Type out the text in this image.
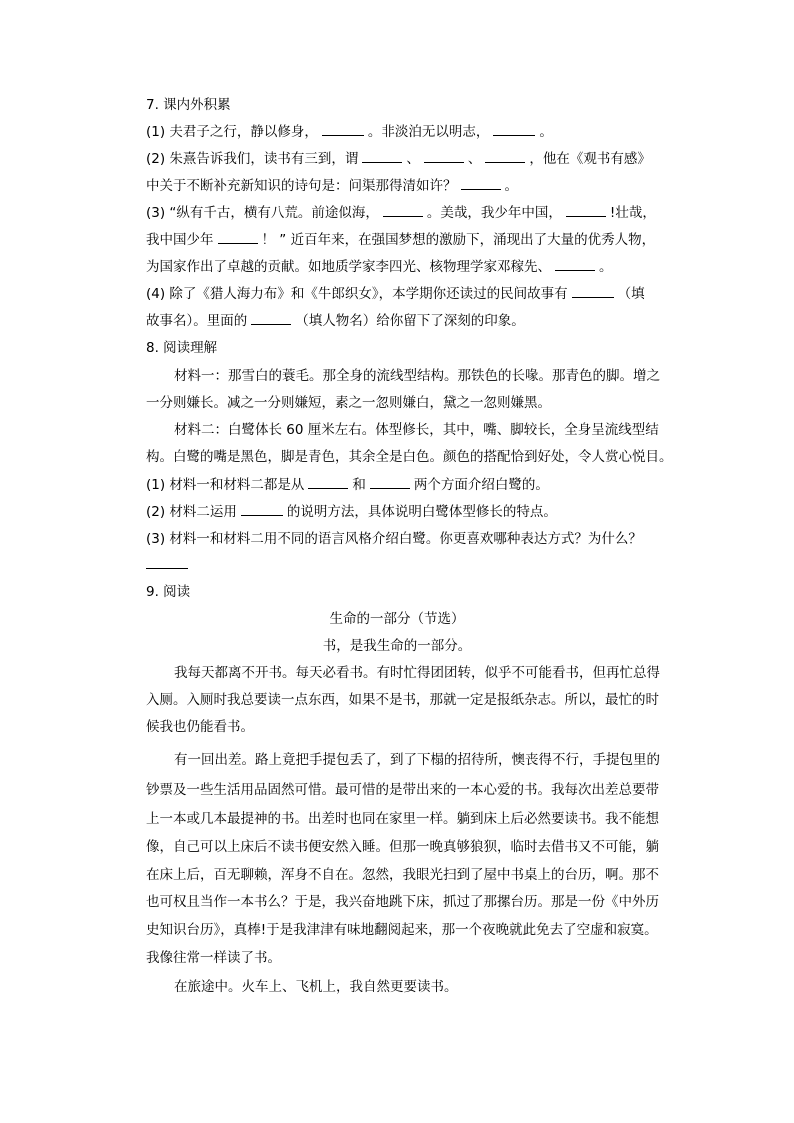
7. 课内外积累
(1) 夫君子之行，静以修身，	。非淡泊无以明志，	。
(2) 朱熹告诉我们，读书有三到，谓	、	、	，他在《观书有感》
中关于不断补充新知识的诗句是：问渠那得清如许？	。
(3) “纵有千古，横有八荒。前途似海，	。美哉，我少年中国，	!壮哉，
我中国少年	！ ” 近百年来，在强国梦想的激励下，涌现出了大量的优秀人物，
为国家作出了卓越的贡献。如地质学家李四光、核物理学家邓稼先、	。
(4) 除了《猎人海力布》和《牛郎织女》，本学期你还读过的民间故事有	（填
故事名）。里面的	（填人物名）给你留下了深刻的印象。
8. 阅读理解
材料一：那雪白的蓑毛。那全身的流线型结构。那铁色的长喙。那青色的脚。增之
一分则嫌长。减之一分则嫌短，素之一忽则嫌白，黛之一忽则嫌黑。
材料二：白鹭体长 60 厘米左右。体型修长，其中，嘴、脚较长，全身呈流线型结
构。白鹭的嘴是黑色，脚是青色，其余全是白色。颜色的搭配恰到好处，令人赏心悦目。
(1) 材料一和材料二都是从	和	两个方面介绍白鹭的。
(2) 材料二运用	的说明方法，具体说明白鹭体型修长的特点。
(3) 材料一和材料二用不同的语言风格介绍白鹭。你更喜欢哪种表达方式？为什么？
9. 阅读
生命的一部分（节选）
书，是我生命的一部分。
我每天都离不开书。每天必看书。有时忙得团团转，似乎不可能看书，但再忙总得
入厕。入厕时我总要读一点东西，如果不是书，那就一定是报纸杂志。所以，最忙的时
候我也仍能看书。
有一回出差。路上竟把手提包丢了，到了下榻的招待所，懊丧得不行，手提包里的
钞票及一些生活用品固然可惜。最可惜的是带出来的一本心爱的书。我每次出差总要带
上一本或几本最提神的书。出差时也同在家里一样。躺到床上后必然要读书。我不能想
像，自己可以上床后不读书便安然入睡。但那一晚真够狼狈，临时去借书又不可能，躺
在床上后，百无聊赖，浑身不自在。忽然，我眼光扫到了屋中书桌上的台历，啊。那不
也可权且当作一本书么？于是，我兴奋地跳下床，抓过了那摞台历。那是一份《中外历
史知识台历》，真棒!于是我津津有味地翻阅起来，那一个夜晚就此免去了空虚和寂寞。
我像往常一样读了书。
在旅途中。火车上、飞机上，我自然更要读书。
